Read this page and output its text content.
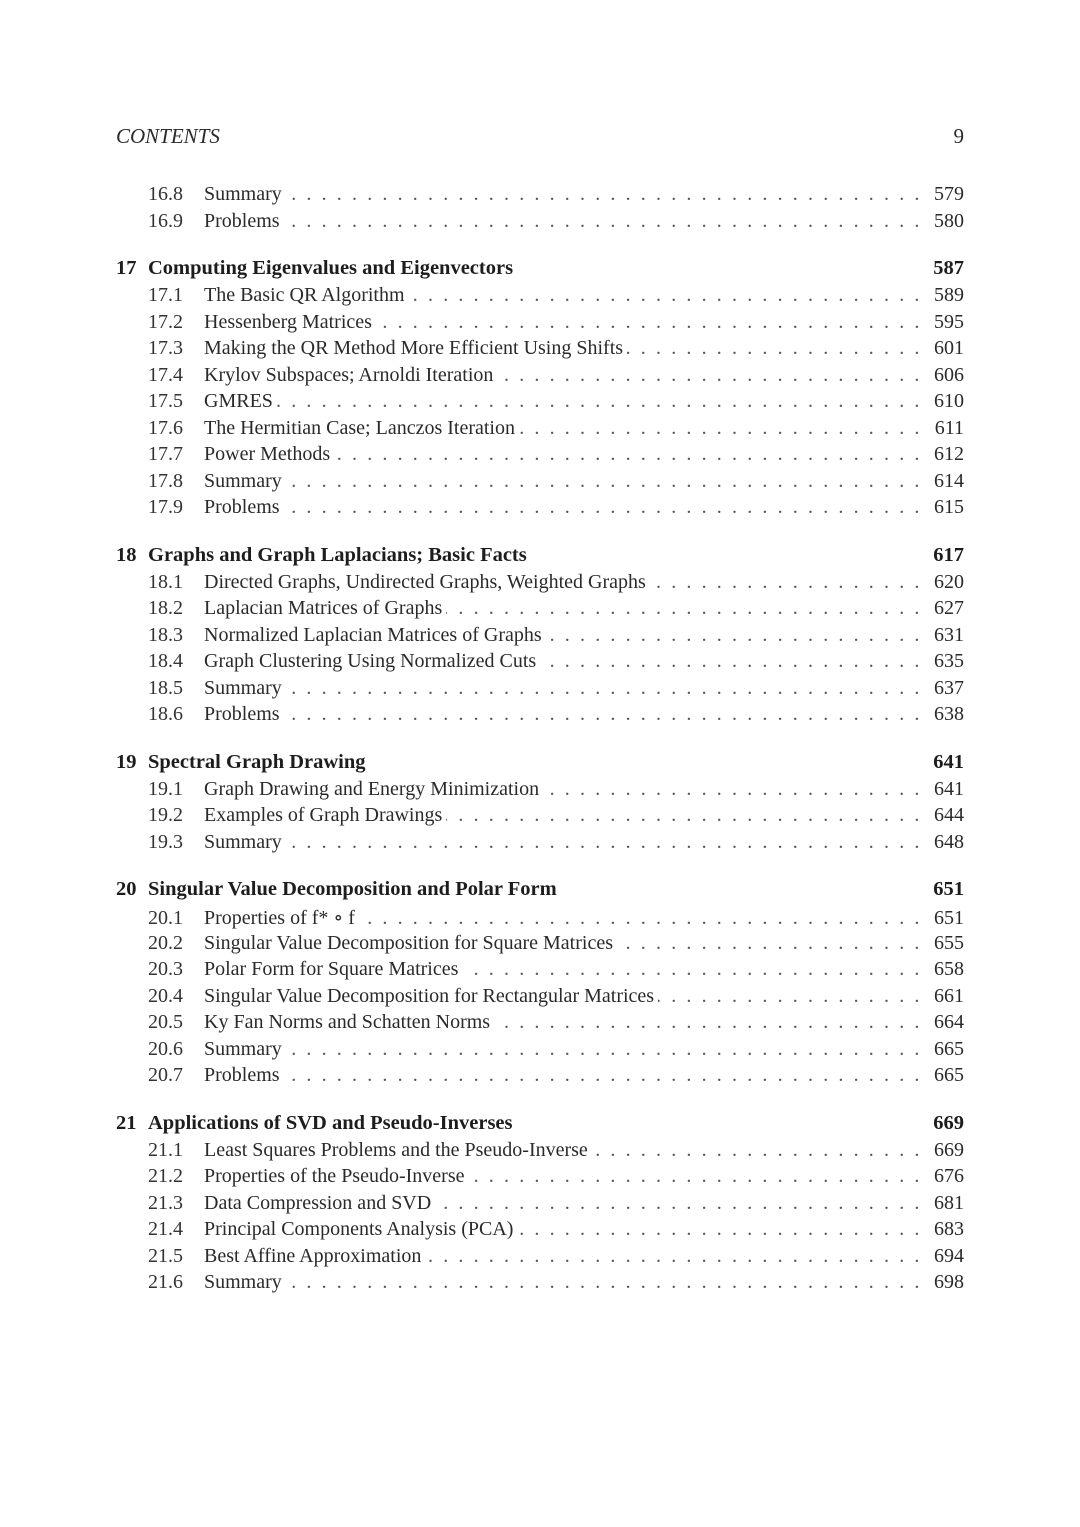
CONTENTS	9
16.8	Summary . . .	579
16.9	Problems . . .	580
17 Computing Eigenvalues and Eigenvectors	587
17.1	The Basic QR Algorithm . . .	589
17.2	Hessenberg Matrices . . .	595
17.3	Making the QR Method More Efficient Using Shifts . . .	601
17.4	Krylov Subspaces; Arnoldi Iteration . . .	606
17.5	GMRES . . .	610
17.6	The Hermitian Case; Lanczos Iteration . . .	611
17.7	Power Methods . . .	612
17.8	Summary . . .	614
17.9	Problems . . .	615
18 Graphs and Graph Laplacians; Basic Facts	617
18.1	Directed Graphs, Undirected Graphs, Weighted Graphs . . .	620
18.2	Laplacian Matrices of Graphs . . .	627
18.3	Normalized Laplacian Matrices of Graphs . . .	631
18.4	Graph Clustering Using Normalized Cuts . . .	635
18.5	Summary . . .	637
18.6	Problems . . .	638
19 Spectral Graph Drawing	641
19.1	Graph Drawing and Energy Minimization . . .	641
19.2	Examples of Graph Drawings . . .	644
19.3	Summary . . .	648
20 Singular Value Decomposition and Polar Form	651
20.1	Properties of f* ∘ f . . .	651
20.2	Singular Value Decomposition for Square Matrices . . .	655
20.3	Polar Form for Square Matrices . . .	658
20.4	Singular Value Decomposition for Rectangular Matrices . . .	661
20.5	Ky Fan Norms and Schatten Norms . . .	664
20.6	Summary . . .	665
20.7	Problems . . .	665
21 Applications of SVD and Pseudo-Inverses	669
21.1	Least Squares Problems and the Pseudo-Inverse . . .	669
21.2	Properties of the Pseudo-Inverse . . .	676
21.3	Data Compression and SVD . . .	681
21.4	Principal Components Analysis (PCA) . . .	683
21.5	Best Affine Approximation . . .	694
21.6	Summary . . .	698
